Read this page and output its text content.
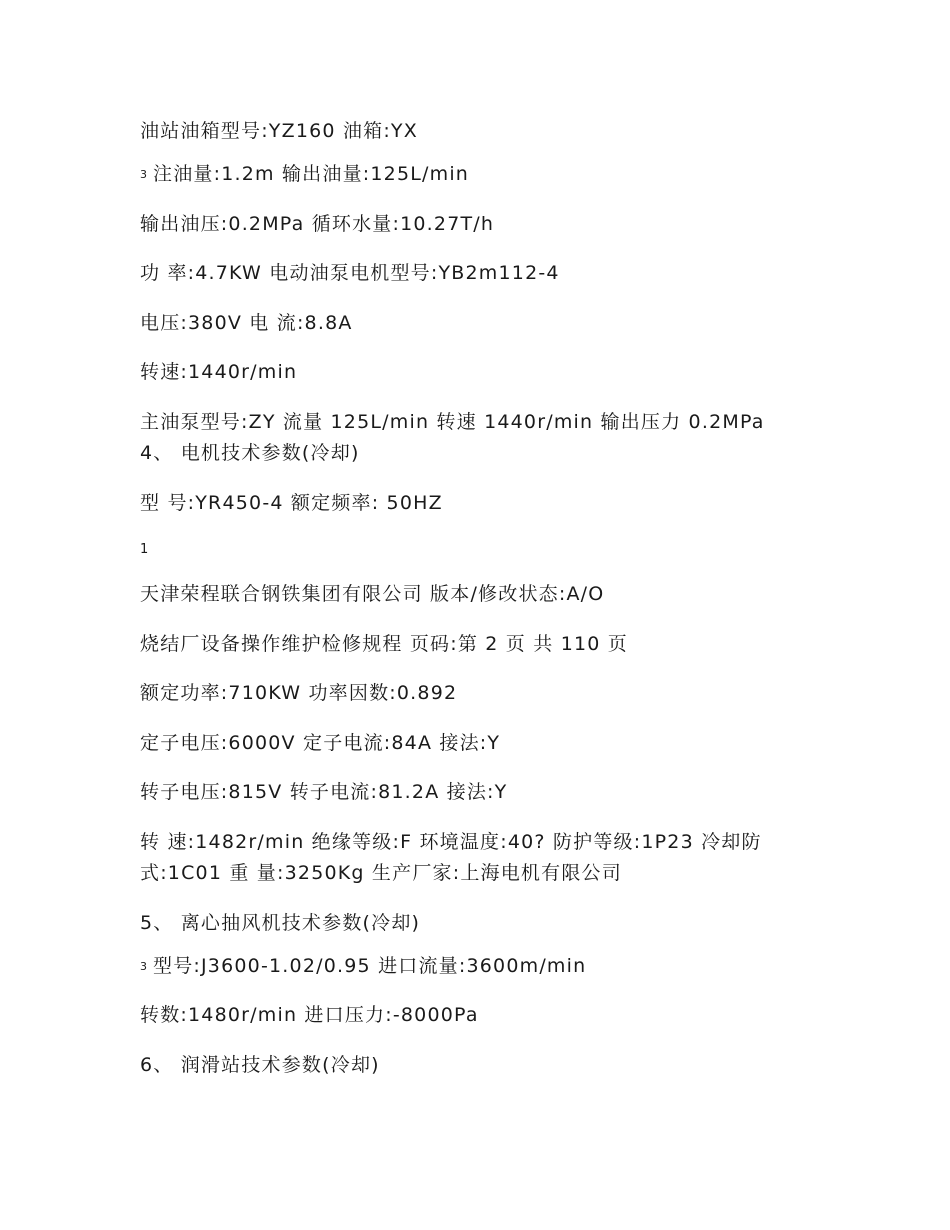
油站油箱型号:YZ160 油箱:YX
3 注油量:1.2m 输出油量:125L/min
输出油压:0.2MPa 循环水量:10.27T/h
功 率:4.7KW 电动油泵电机型号:YB2m112-4
电压:380V 电 流:8.8A
转速:1440r/min
主油泵型号:ZY 流量 125L/min 转速 1440r/min 输出压力 0.2MPa
4、 电机技术参数(冷却)
型 号:YR450-4 额定频率: 50HZ
1
天津荣程联合钢铁集团有限公司 版本/修改状态:A/O
烧结厂设备操作维护检修规程 页码:第 2 页 共 110 页
额定功率:710KW 功率因数:0.892
定子电压:6000V 定子电流:84A 接法:Y
转子电压:815V 转子电流:81.2A 接法:Y
转 速:1482r/min 绝缘等级:F 环境温度:40? 防护等级:1P23 冷却防
式:1C01 重 量:3250Kg 生产厂家:上海电机有限公司
5、 离心抽风机技术参数(冷却)
3 型号:J3600-1.02/0.95 进口流量:3600m/min
转数:1480r/min 进口压力:-8000Pa
6、 润滑站技术参数(冷却)
